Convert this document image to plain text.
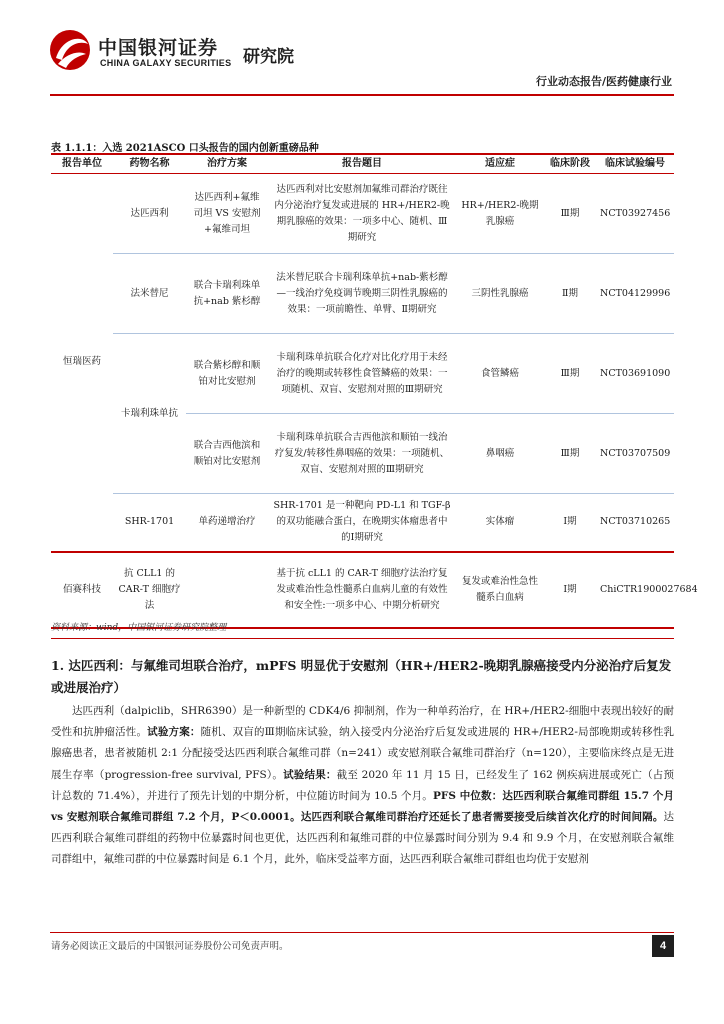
中国银河证券
CHINA GALAXY SECURITIES 研究院
行业动态报告/医药健康行业
表 1.1.1：入选 2021ASCO 口头报告的国内创新重磅品种
报告单位	药物名称	治疗方案	报告题目	适应症	临床阶段	临床试验编号
恒瑞医药	达匹西利	达匹西利+氟维司坦 VS 安慰剂+氟维司坦	达匹西利对比安慰剂加氟维司群治疗既往内分泌治疗复发或进展的 HR+/HER2-晚期乳腺癌的效果：一项多中心、随机、Ⅲ期研究	HR+/HER2-晚期乳腺癌	Ⅲ期	NCT03927456
	法米替尼	联合卡瑞利珠单抗+nab 紫杉醇	法米替尼联合卡瑞利珠单抗+nab-紫杉醇—一线治疗免疫调节晚期三阴性乳腺癌的效果：一项前瞻性、单臂、Ⅱ期研究	三阴性乳腺癌	Ⅱ期	NCT04129996
	卡瑞利珠单抗	联合紫杉醇和顺铂对比安慰剂	卡瑞利珠单抗联合化疗对比化疗用于未经治疗的晚期或转移性食管鳞癌的效果：一项随机、双盲、安慰剂对照的Ⅲ期研究	食管鳞癌	Ⅲ期	NCT03691090
		联合吉西他滨和顺铂对比安慰剂	卡瑞利珠单抗联合吉西他滨和顺铂一线治疗复发/转移性鼻咽癌的效果：一项随机、双盲、安慰剂对照的Ⅲ期研究	鼻咽癌	Ⅲ期	NCT03707509
	SHR-1701	单药递增治疗	SHR-1701 是一种靶向 PD-L1 和 TGF-β 的双功能融合蛋白，在晚期实体瘤患者中的Ⅰ期研究	实体瘤	Ⅰ期	NCT03710265
佰赛科技	抗 CLL1 的 CAR-T 细胞疗法		基于抗 cLL1 的 CAR-T 细胞疗法治疗复发或难治性急性髓系白血病儿童的有效性和安全性:一项多中心、中期分析研究	复发或难治性急性髓系白血病	Ⅰ期	ChiCTR1900027684
资料来源：wind，中国银河证券研究院整理
1. 达匹西利：与氟维司坦联合治疗，mPFS 明显优于安慰剂（HR+/HER2-晚期乳腺癌接受内分泌治疗后复发或进展治疗）
达匹西利（dalpiclib，SHR6390）是一种新型的 CDK4/6 抑制剂，作为一种单药治疗，在 HR+/HER2-细胞中表现出较好的耐受性和抗肿瘤活性。试验方案：随机、双盲的Ⅲ期临床试验，纳入接受内分泌治疗后复发或进展的 HR+/HER2-局部晚期或转移性乳腺癌患者，患者被随机 2:1 分配接受达匹西利联合氟维司群（n=241）或安慰剂联合氟维司群治疗（n=120），主要临床终点是无进展生存率（progression-free survival, PFS）。试验结果：截至 2020 年 11 月 15 日，已经发生了 162 例疾病进展或死亡（占预计总数的 71.4%），并进行了预先计划的中期分析，中位随访时间为 10.5 个月。PFS 中位数：达匹西利联合氟维司群组 15.7 个月 vs 安慰剂联合氟维司群组 7.2 个月，P＜0.0001。达匹西利联合氟维司群治疗还延长了患者需要接受后续首次化疗的时间间隔。达匹西利联合氟维司群组的药物中位暴露时间也更优，达匹西利和氟维司群的中位暴露时间分别为 9.4 和 9.9 个月，在安慰剂联合氟维司群组中，氟维司群的中位暴露时间是 6.1 个月，此外，临床受益率方面，达匹西利联合氟维司群组也均优于安慰剂
请务必阅读正文最后的中国银河证券股份公司免责声明。	4
